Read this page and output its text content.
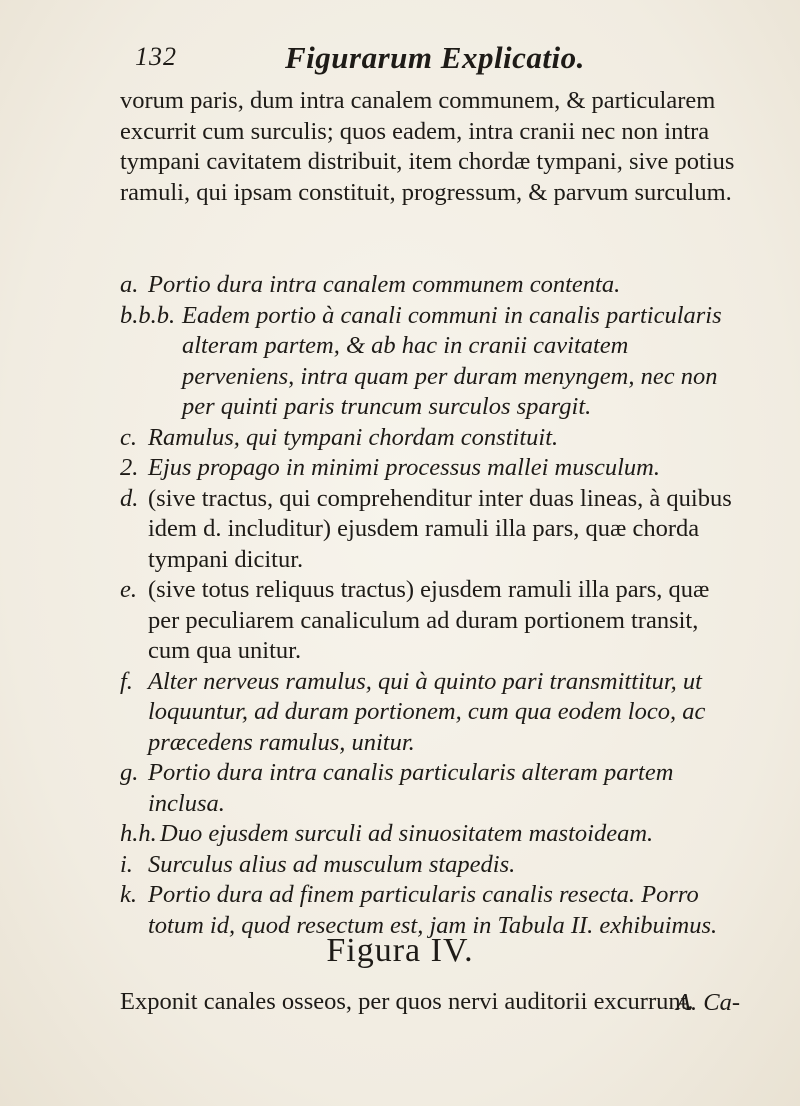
132	Figurarum Explicatio.

vorum paris, dum intra canalem communem, & particularem excurrit cum surculis; quos eadem, intra cranii nec non intra tympani cavitatem distribuit, item chordæ tympani, sive potius ramuli, qui ipsam constituit, progressum, & parvum surculum.

a. Portio dura intra canalem communem contenta.

b.b.b. Eadem portio à canali communi in canalis particularis alteram partem, & ab hac in cranii cavitatem perveniens, intra quam per duram menyngem, nec non per quinti paris truncum surculos spargit.

c. Ramulus, qui tympani chordam constituit.

2. Ejus propago in minimi processus mallei musculum.

d. (sive tractus, qui comprehenditur inter duas lineas, à quibus idem d. includitur) ejusdem ramuli illa pars, quæ chorda tympani dicitur.

e. (sive totus reliquus tractus) ejusdem ramuli illa pars, quæ per peculiarem canaliculum ad duram portionem transit, cum qua unitur.

f. Alter nerveus ramulus, qui à quinto pari transmittitur, ut loquuntur, ad duram portionem, cum qua eodem loco, ac præcedens ramulus, unitur.

g. Portio dura intra canalis particularis alteram partem inclusa.

h.h. Duo ejusdem surculi ad sinuositatem mastoideam.

i. Surculus alius ad musculum stapedis.

k. Portio dura ad finem particularis canalis resecta. Porro totum id, quod resectum est, jam in Tabula II. exhibuimus.

Figura IV.

Exponit canales osseos, per quos nervi auditorii excurrunt.

A. Ca-
